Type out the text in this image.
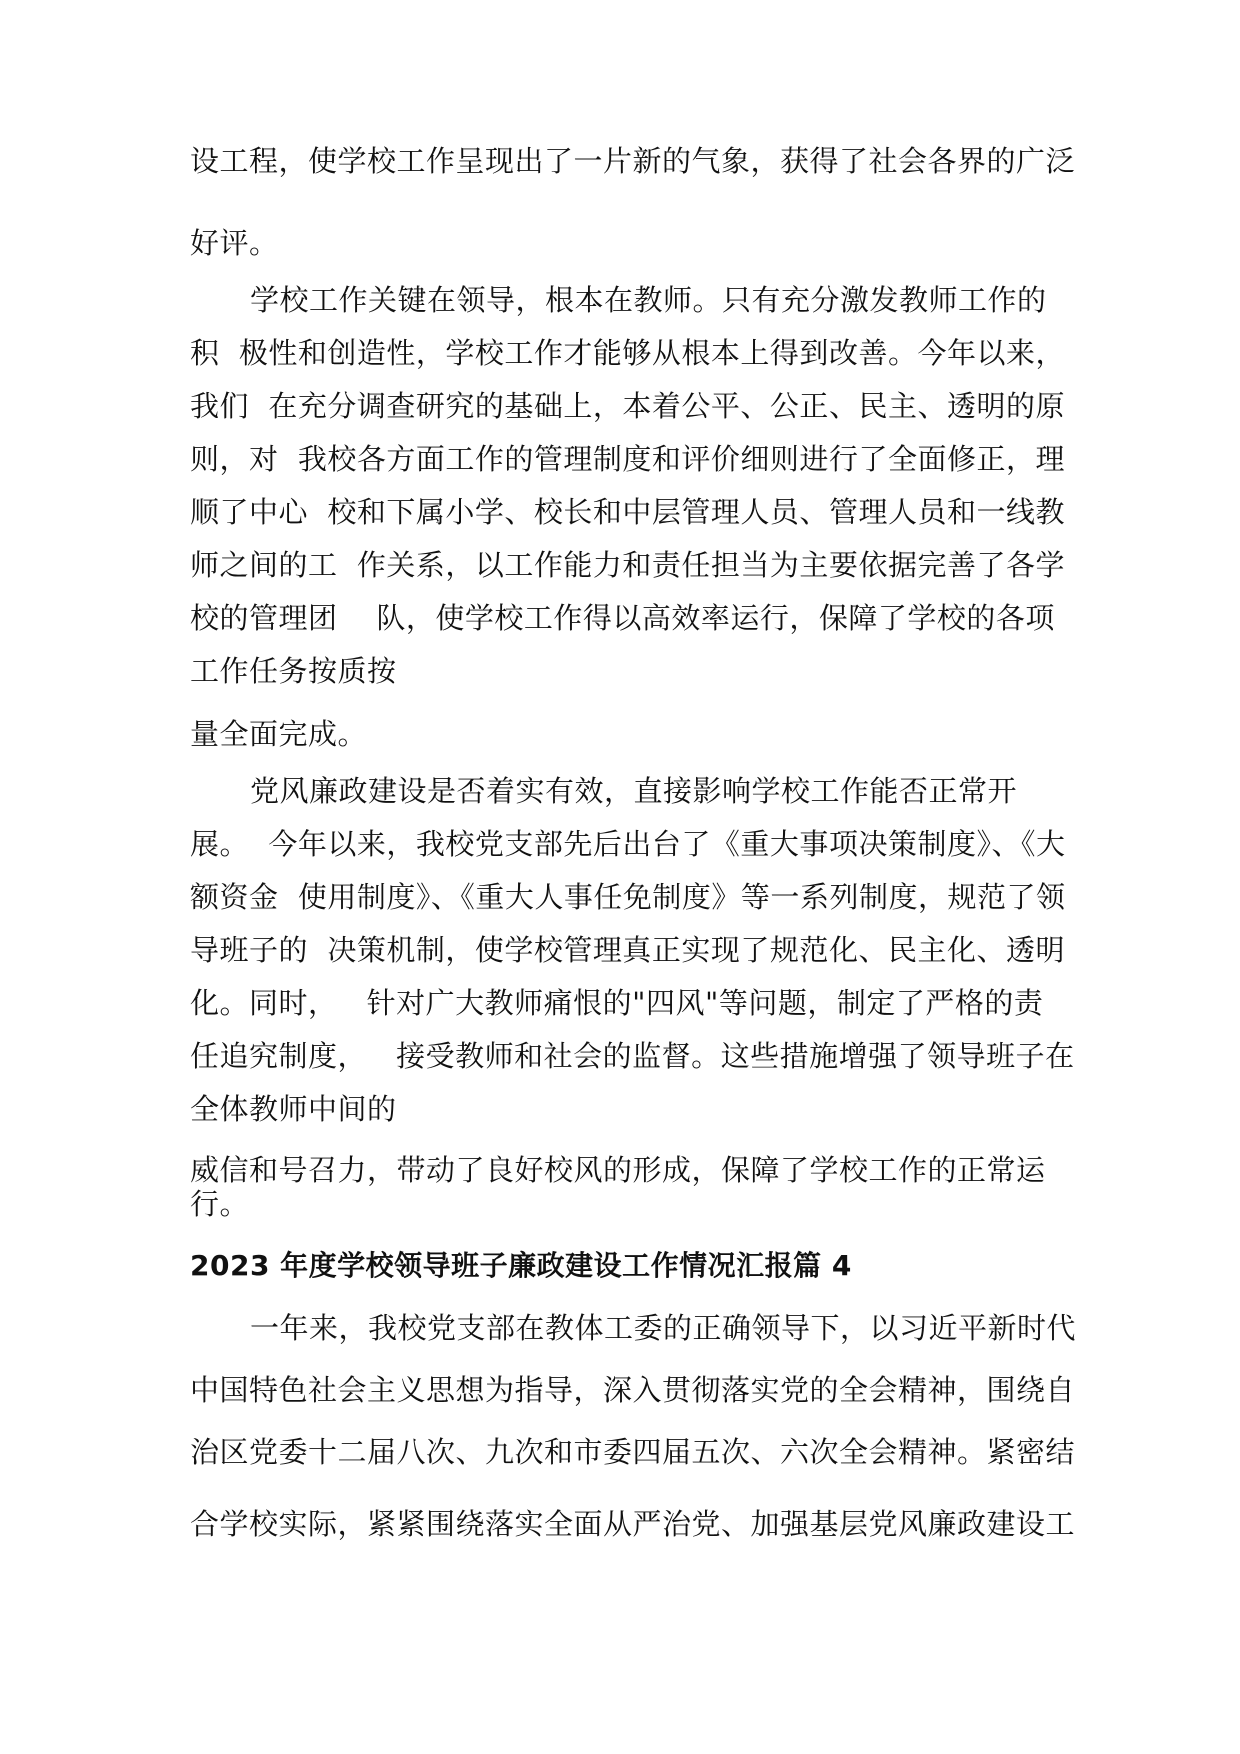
设工程，使学校工作呈现出了一片新的气象，获得了社会各界的广泛
好评。
学校工作关键在领导，根本在教师。只有充分激发教师工作的
积  极性和创造性，学校工作才能够从根本上得到改善。今年以来，
我们  在充分调查研究的基础上，本着公平、公正、民主、透明的原
则，对  我校各方面工作的管理制度和评价细则进行了全面修正，理
顺了中心  校和下属小学、校长和中层管理人员、管理人员和一线教
师之间的工  作关系，以工作能力和责任担当为主要依据完善了各学
校的管理团    队，使学校工作得以高效率运行，保障了学校的各项
工作任务按质按
量全面完成。
党风廉政建设是否着实有效，直接影响学校工作能否正常开
展。  今年以来，我校党支部先后出台了《重大事项决策制度》、《大
额资金  使用制度》、《重大人事任免制度》等一系列制度，规范了领
导班子的  决策机制，使学校管理真正实现了规范化、民主化、透明
化。同时，   针对广大教师痛恨的"四风"等问题，制定了严格的责
任追究制度，   接受教师和社会的监督。这些措施增强了领导班子在
全体教师中间的
威信和号召力，带动了良好校风的形成，保障了学校工作的正常运
行。
2023 年度学校领导班子廉政建设工作情况汇报篇 4
一年来，我校党支部在教体工委的正确领导下，以习近平新时代
中国特色社会主义思想为指导，深入贯彻落实党的全会精神，围绕自
治区党委十二届八次、九次和市委四届五次、六次全会精神。紧密结
合学校实际，紧紧围绕落实全面从严治党、加强基层党风廉政建设工
